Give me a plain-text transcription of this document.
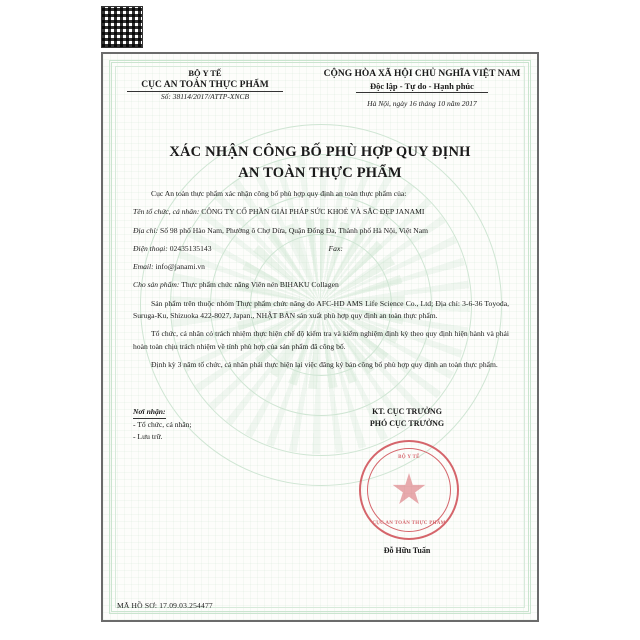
BỘ Y TẾ
CỤC AN TOÀN THỰC PHẨM
Số: 38114/2017/ATTP-XNCB
CỘNG HÒA XÃ HỘI CHỦ NGHĨA VIỆT NAM
Độc lập - Tự do - Hạnh phúc
Hà Nội, ngày 16 tháng 10 năm 2017
XÁC NHẬN CÔNG BỐ PHÙ HỢP QUY ĐỊNH
AN TOÀN THỰC PHẨM

Cục An toàn thực phẩm xác nhận công bố phù hợp quy định an toàn thực phẩm của:

Tên tổ chức, cá nhân: CÔNG TY CỔ PHẦN GIẢI PHÁP SỨC KHOẺ VÀ SẮC ĐẸP JANAMI

Địa chỉ: Số 98 phố Hào Nam, Phường ô Chợ Dừa, Quận Đống Đa, Thành phố Hà Nội, Việt Nam

Điện thoại: 02435135143	Fax:

Email: info@janami.vn

Cho sản phẩm: Thực phẩm chức năng Viên nén BIHAKU Collagen

Sản phẩm trên thuộc nhóm Thực phẩm chức năng do AFC-HD AMS Life Science Co., Ltd; Địa chỉ: 3-6-36 Toyoda, Suruga-Ku, Shizuoka 422-8027, Japan., NHẬT BẢN sản xuất phù hợp quy định an toàn thực phẩm.

Tổ chức, cá nhân có trách nhiệm thực hiện chế độ kiểm tra và kiểm nghiệm định kỳ theo quy định hiện hành và phải hoàn toàn chịu trách nhiệm về tính phù hợp của sản phẩm đã công bố.

Định kỳ 3 năm tổ chức, cá nhân phải thực hiện lại việc đăng ký bản công bố phù hợp quy định an toàn thực phẩm.

Nơi nhận:
- Tổ chức, cá nhân;
- Lưu trữ.
KT. CỤC TRƯỞNG
PHÓ CỤC TRƯỞNG
BỘ Y TẾ
CỤC AN TOÀN THỰC PHẨM
Đỗ Hữu Tuấn
MÃ HỒ SƠ: 17.09.03.254477
